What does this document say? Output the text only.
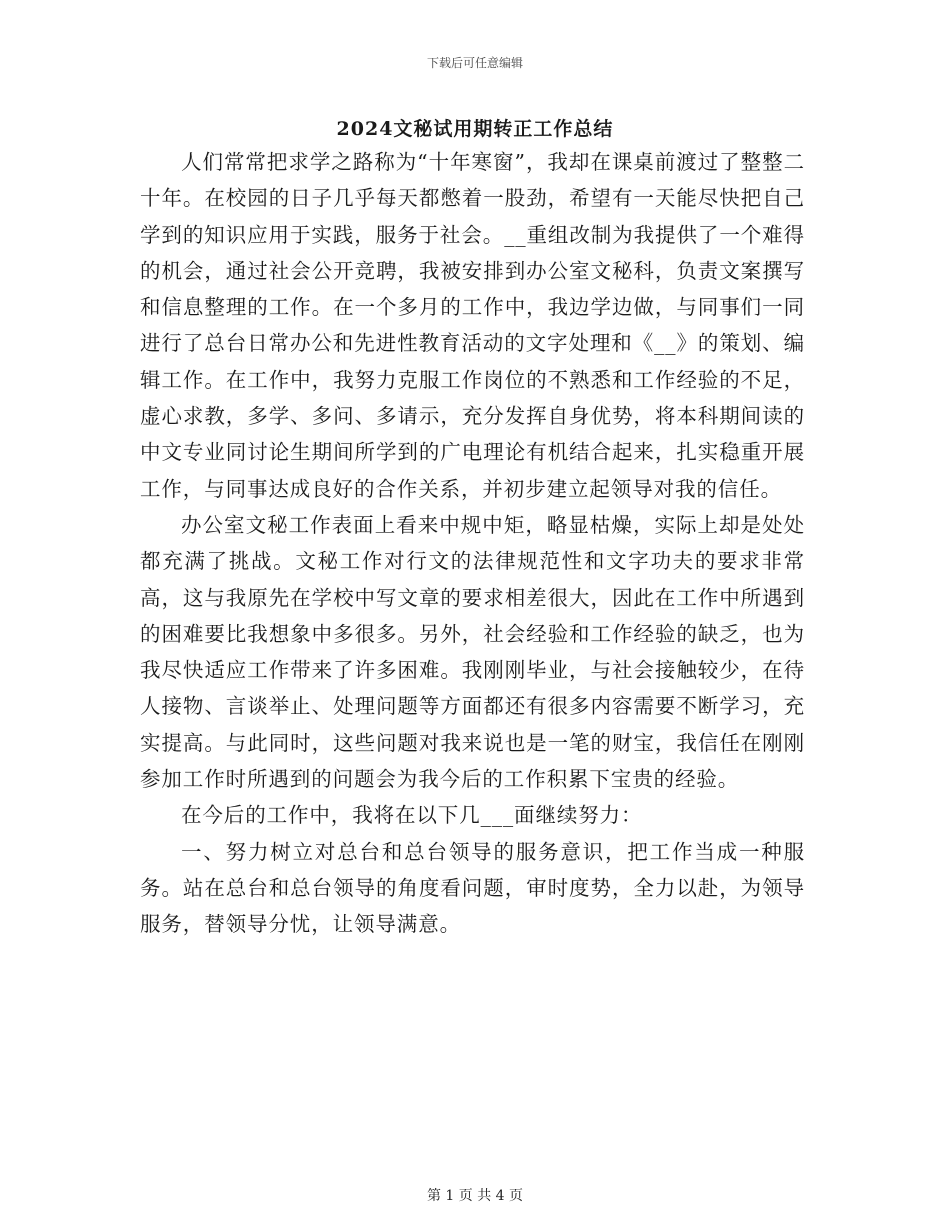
下载后可任意编辑
2024文秘试用期转正工作总结

人们常常把求学之路称为“十年寒窗”，我却在课桌前渡过了整整二十年。在校园的日子几乎每天都憋着一股劲，希望有一天能尽快把自己学到的知识应用于实践，服务于社会。__重组改制为我提供了一个难得的机会，通过社会公开竞聘，我被安排到办公室文秘科，负责文案撰写和信息整理的工作。在一个多月的工作中，我边学边做，与同事们一同进行了总台日常办公和先进性教育活动的文字处理和《__》的策划、编辑工作。在工作中，我努力克服工作岗位的不熟悉和工作经验的不足，虚心求教，多学、多问、多请示，充分发挥自身优势，将本科期间读的中文专业同讨论生期间所学到的广电理论有机结合起来，扎实稳重开展工作，与同事达成良好的合作关系，并初步建立起领导对我的信任。

办公室文秘工作表面上看来中规中矩，略显枯燥，实际上却是处处都充满了挑战。文秘工作对行文的法律规范性和文字功夫的要求非常高，这与我原先在学校中写文章的要求相差很大，因此在工作中所遇到的困难要比我想象中多很多。另外，社会经验和工作经验的缺乏，也为我尽快适应工作带来了许多困难。我刚刚毕业，与社会接触较少，在待人接物、言谈举止、处理问题等方面都还有很多内容需要不断学习，充实提高。与此同时，这些问题对我来说也是一笔的财宝，我信任在刚刚参加工作时所遇到的问题会为我今后的工作积累下宝贵的经验。

在今后的工作中，我将在以下几___面继续努力：

一、努力树立对总台和总台领导的服务意识，把工作当成一种服务。站在总台和总台领导的角度看问题，审时度势，全力以赴，为领导服务，替领导分忧，让领导满意。

第 1 页 共 4 页
